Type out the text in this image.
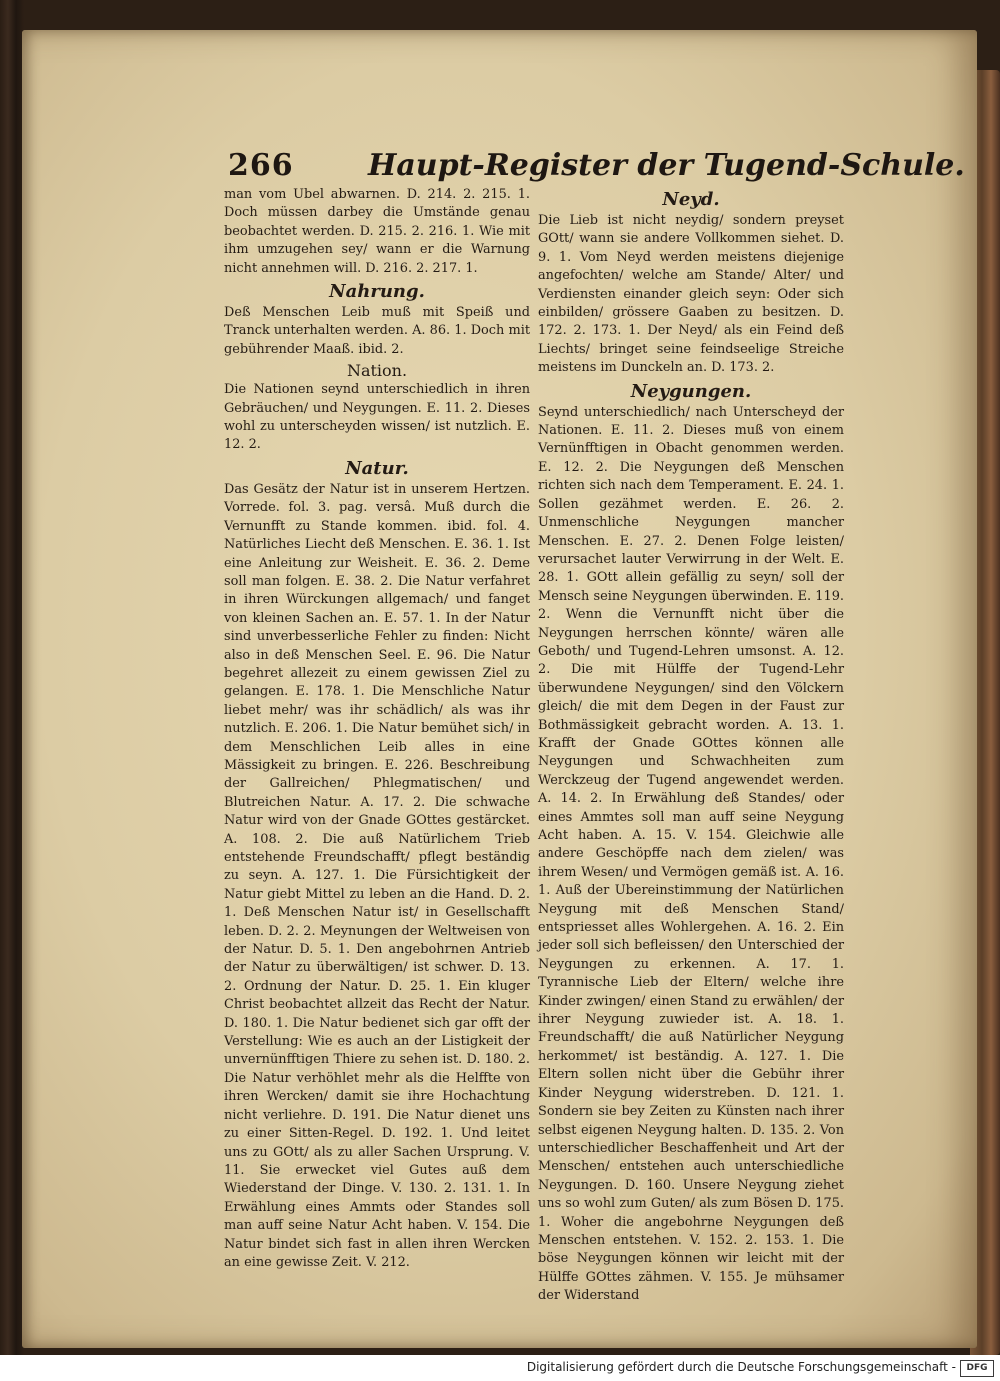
266 Haupt-Register der Tugend-Schule.

man vom Ubel abwarnen. D. 214. 2. 215. 1. Doch müssen darbey die Umstände genau beobachtet werden. D. 215. 2. 216. 1. Wie mit ihm umzugehen sey/ wann er die Warnung nicht annehmen will. D. 216. 2. 217. 1.

Nahrung.

Deß Menschen Leib muß mit Speiß und Tranck unterhalten werden. A. 86. 1. Doch mit gebührender Maaß. ibid. 2.

Nation.

Die Nationen seynd unterschiedlich in ihren Gebräuchen/ und Neygungen. E. 11. 2. Dieses wohl zu unterscheyden wissen/ ist nutzlich. E. 12. 2.

Natur.

Das Gesätz der Natur ist in unserem Hertzen. Vorrede. fol. 3. pag. versâ. Muß durch die Vernunfft zu Stande kommen. ibid. fol. 4. Natürliches Liecht deß Menschen. E. 36. 1. Ist eine Anleitung zur Weisheit. E. 36. 2. Deme soll man folgen. E. 38. 2. Die Natur verfahret in ihren Würckungen allgemach/ und fanget von kleinen Sachen an. E. 57. 1. In der Natur sind unverbesserliche Fehler zu finden: Nicht also in deß Menschen Seel. E. 96. Die Natur begehret allezeit zu einem gewissen Ziel zu gelangen. E. 178. 1. Die Menschliche Natur liebet mehr/ was ihr schädlich/ als was ihr nutzlich. E. 206. 1. Die Natur bemühet sich/ in dem Menschlichen Leib alles in eine Mässigkeit zu bringen. E. 226. Beschreibung der Gallreichen/ Phlegmatischen/ und Blutreichen Natur. A. 17. 2. Die schwache Natur wird von der Gnade GOttes gestärcket. A. 108. 2. Die auß Natürlichem Trieb entstehende Freundschafft/ pflegt beständig zu seyn. A. 127. 1. Die Fürsichtigkeit der Natur giebt Mittel zu leben an die Hand. D. 2. 1. Deß Menschen Natur ist/ in Gesellschafft leben. D. 2. 2. Meynungen der Weltweisen von der Natur. D. 5. 1. Den angebohrnen Antrieb der Natur zu überwältigen/ ist schwer. D. 13. 2. Ordnung der Natur. D. 25. 1. Ein kluger Christ beobachtet allzeit das Recht der Natur. D. 180. 1. Die Natur bedienet sich gar offt der Verstellung: Wie es auch an der Listigkeit der unvernünfftigen Thiere zu sehen ist. D. 180. 2. Die Natur verhöhlet mehr als die Helffte von ihren Wercken/ damit sie ihre Hochachtung nicht verliehre. D. 191. Die Natur dienet uns zu einer Sitten-Regel. D. 192. 1. Und leitet uns zu GOtt/ als zu aller Sachen Ursprung. V. 11. Sie erwecket viel Gutes auß dem Wiederstand der Dinge. V. 130. 2. 131. 1. In Erwählung eines Ammts oder Standes soll man auff seine Natur Acht haben. V. 154. Die Natur bindet sich fast in allen ihren Wercken an eine gewisse Zeit. V. 212.

Neyd.

Die Lieb ist nicht neydig/ sondern preyset GOtt/ wann sie andere Vollkommen siehet. D. 9. 1. Vom Neyd werden meistens diejenige angefochten/ welche am Stande/ Alter/ und Verdiensten einander gleich seyn: Oder sich einbilden/ grössere Gaaben zu besitzen. D. 172. 2. 173. 1. Der Neyd/ als ein Feind deß Liechts/ bringet seine feindseelige Streiche meistens im Dunckeln an. D. 173. 2.

Neygungen.

Seynd unterschiedlich/ nach Unterscheyd der Nationen. E. 11. 2. Dieses muß von einem Vernünfftigen in Obacht genommen werden. E. 12. 2. Die Neygungen deß Menschen richten sich nach dem Temperament. E. 24. 1. Sollen gezähmet werden. E. 26. 2. Unmenschliche Neygungen mancher Menschen. E. 27. 2. Denen Folge leisten/ verursachet lauter Verwirrung in der Welt. E. 28. 1. GOtt allein gefällig zu seyn/ soll der Mensch seine Neygungen überwinden. E. 119. 2. Wenn die Vernunfft nicht über die Neygungen herrschen könnte/ wären alle Geboth/ und Tugend-Lehren umsonst. A. 12. 2. Die mit Hülffe der Tugend-Lehr überwundene Neygungen/ sind den Völckern gleich/ die mit dem Degen in der Faust zur Bothmässigkeit gebracht worden. A. 13. 1. Krafft der Gnade GOttes können alle Neygungen und Schwachheiten zum Werckzeug der Tugend angewendet werden. A. 14. 2. In Erwählung deß Standes/ oder eines Ammtes soll man auff seine Neygung Acht haben. A. 15. V. 154. Gleichwie alle andere Geschöpffe nach dem zielen/ was ihrem Wesen/ und Vermögen gemäß ist. A. 16. 1. Auß der Ubereinstimmung der Natürlichen Neygung mit deß Menschen Stand/ entspriesset alles Wohlergehen. A. 16. 2. Ein jeder soll sich befleissen/ den Unterschied der Neygungen zu erkennen. A. 17. 1. Tyrannische Lieb der Eltern/ welche ihre Kinder zwingen/ einen Stand zu erwählen/ der ihrer Neygung zuwieder ist. A. 18. 1. Freundschafft/ die auß Natürlicher Neygung herkommet/ ist beständig. A. 127. 1. Die Eltern sollen nicht über die Gebühr ihrer Kinder Neygung widerstreben. D. 121. 1. Sondern sie bey Zeiten zu Künsten nach ihrer selbst eigenen Neygung halten. D. 135. 2. Von unterschiedlicher Beschaffenheit und Art der Menschen/ entstehen auch unterschiedliche Neygungen. D. 160. Unsere Neygung ziehet uns so wohl zum Guten/ als zum Bösen D. 175. 1. Woher die angebohrne Neygungen deß Menschen entstehen. V. 152. 2. 153. 1. Die böse Neygungen können wir leicht mit der Hülffe GOttes zähmen. V. 155. Je mühsamer der Widerstand

Digitalisierung gefördert durch die Deutsche Forschungsgemeinschaft -	DFG
